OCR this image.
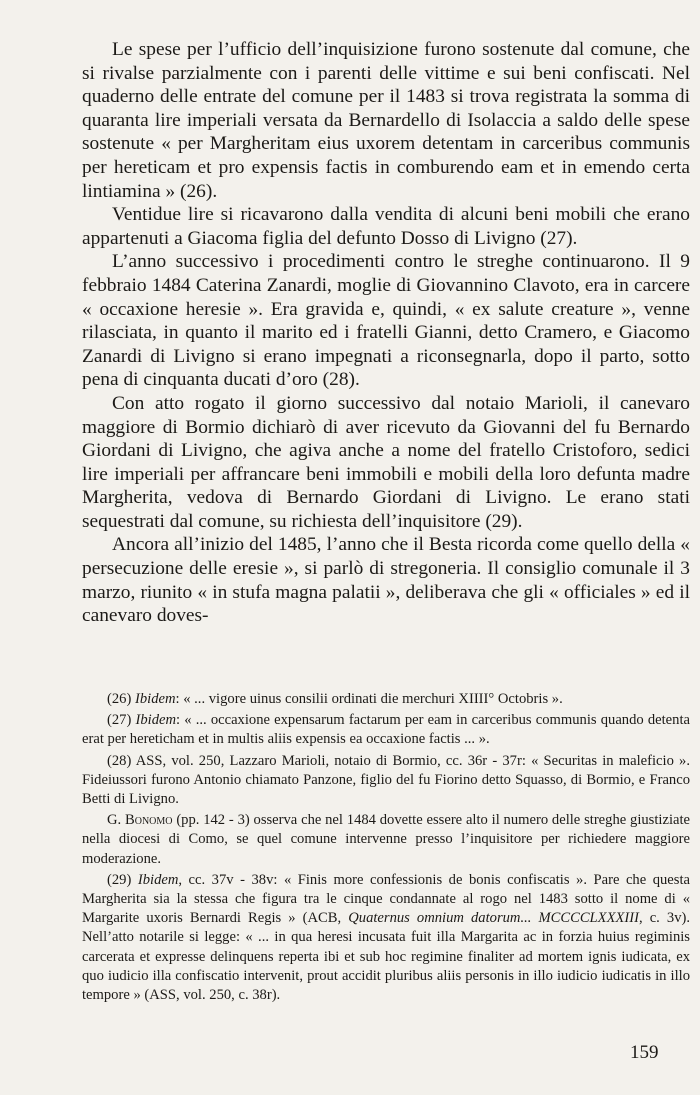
Le spese per l’ufficio dell’inquisizione furono sostenute dal comune, che si rivalse parzialmente con i parenti delle vittime e sui beni confiscati. Nel quaderno delle entrate del comune per il 1483 si trova registrata la somma di quaranta lire imperiali versata da Bernardello di Isolaccia a saldo delle spese sostenute « per Margheritam eius uxorem detentam in carceribus communis per hereticam et pro expensis factis in comburendo eam et in emendo certa lintiamina » (26).

Ventidue lire si ricavarono dalla vendita di alcuni beni mobili che erano appartenuti a Giacoma figlia del defunto Dosso di Livigno (27).

L’anno successivo i procedimenti contro le streghe continuarono. Il 9 febbraio 1484 Caterina Zanardi, moglie di Giovannino Clavoto, era in carcere « occaxione heresie ». Era gravida e, quindi, « ex salute creature », venne rilasciata, in quanto il marito ed i fratelli Gianni, detto Cramero, e Giacomo Zanardi di Livigno si erano impegnati a riconsegnarla, dopo il parto, sotto pena di cinquanta ducati d’oro (28).

Con atto rogato il giorno successivo dal notaio Marioli, il canevaro maggiore di Bormio dichiarò di aver ricevuto da Giovanni del fu Bernardo Giordani di Livigno, che agiva anche a nome del fratello Cristoforo, sedici lire imperiali per affrancare beni immobili e mobili della loro defunta madre Margherita, vedova di Bernardo Giordani di Livigno. Le erano stati sequestrati dal comune, su richiesta dell’inquisitore (29).

Ancora all’inizio del 1485, l’anno che il Besta ricorda come quello della « persecuzione delle eresie », si parlò di stregoneria. Il consiglio comunale il 3 marzo, riunito « in stufa magna palatii », deliberava che gli « officiales » ed il canevaro doves-

(26) Ibidem: « ... vigore uinus consilii ordinati die merchuri XIIII° Octobris ».

(27) Ibidem: « ... occaxione expensarum factarum per eam in carceribus communis quando detenta erat per hereticham et in multis aliis expensis ea occaxione factis ... ».

(28) ASS, vol. 250, Lazzaro Marioli, notaio di Bormio, cc. 36r - 37r: « Securitas in maleficio ». Fideiussori furono Antonio chiamato Panzone, figlio del fu Fiorino detto Squasso, di Bormio, e Franco Betti di Livigno.

G. Bonomo (pp. 142 - 3) osserva che nel 1484 dovette essere alto il numero delle streghe giustiziate nella diocesi di Como, se quel comune intervenne presso l’inquisitore per richiedere maggiore moderazione.

(29) Ibidem, cc. 37v - 38v: « Finis more confessionis de bonis confiscatis ». Pare che questa Margherita sia la stessa che figura tra le cinque condannate al rogo nel 1483 sotto il nome di « Margarite uxoris Bernardi Regis » (ACB, Quaternus omnium datorum... MCCCCLXXXIII, c. 3v). Nell’atto notarile si legge: « ... in qua heresi incusata fuit illa Margarita ac in forzia huius regiminis carcerata et expresse delinquens reperta ibi et sub hoc regimine finaliter ad mortem ignis iudicata, ex quo iudicio illa confiscatio intervenit, prout accidit pluribus aliis personis in illo iudicio iudicatis in illo tempore » (ASS, vol. 250, c. 38r).

159
